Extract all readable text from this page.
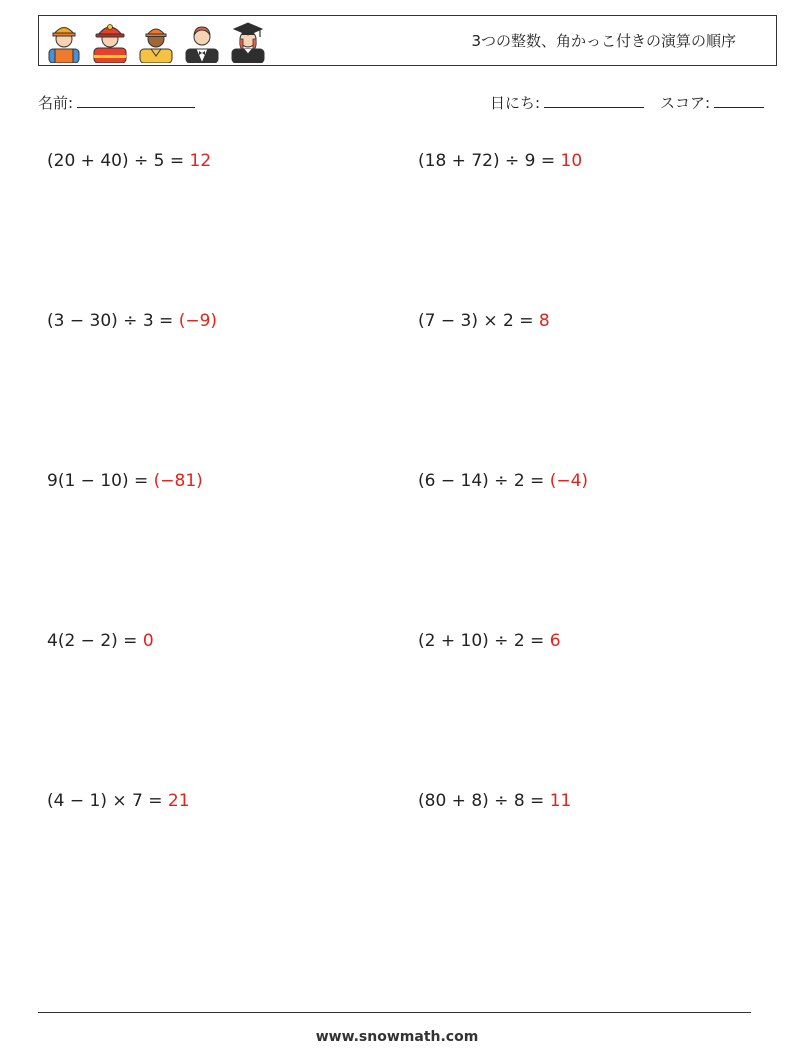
3つの整数、角かっこ付きの演算の順序
名前:	日にち:	スコア:
(20 + 40) ÷ 5 = 12	(18 + 72) ÷ 9 = 10
(3 − 30) ÷ 3 = (−9)	(7 − 3) × 2 = 8
9(1 − 10) = (−81)	(6 − 14) ÷ 2 = (−4)
4(2 − 2) = 0	(2 + 10) ÷ 2 = 6
(4 − 1) × 7 = 21	(80 + 8) ÷ 8 = 11
www.snowmath.com
